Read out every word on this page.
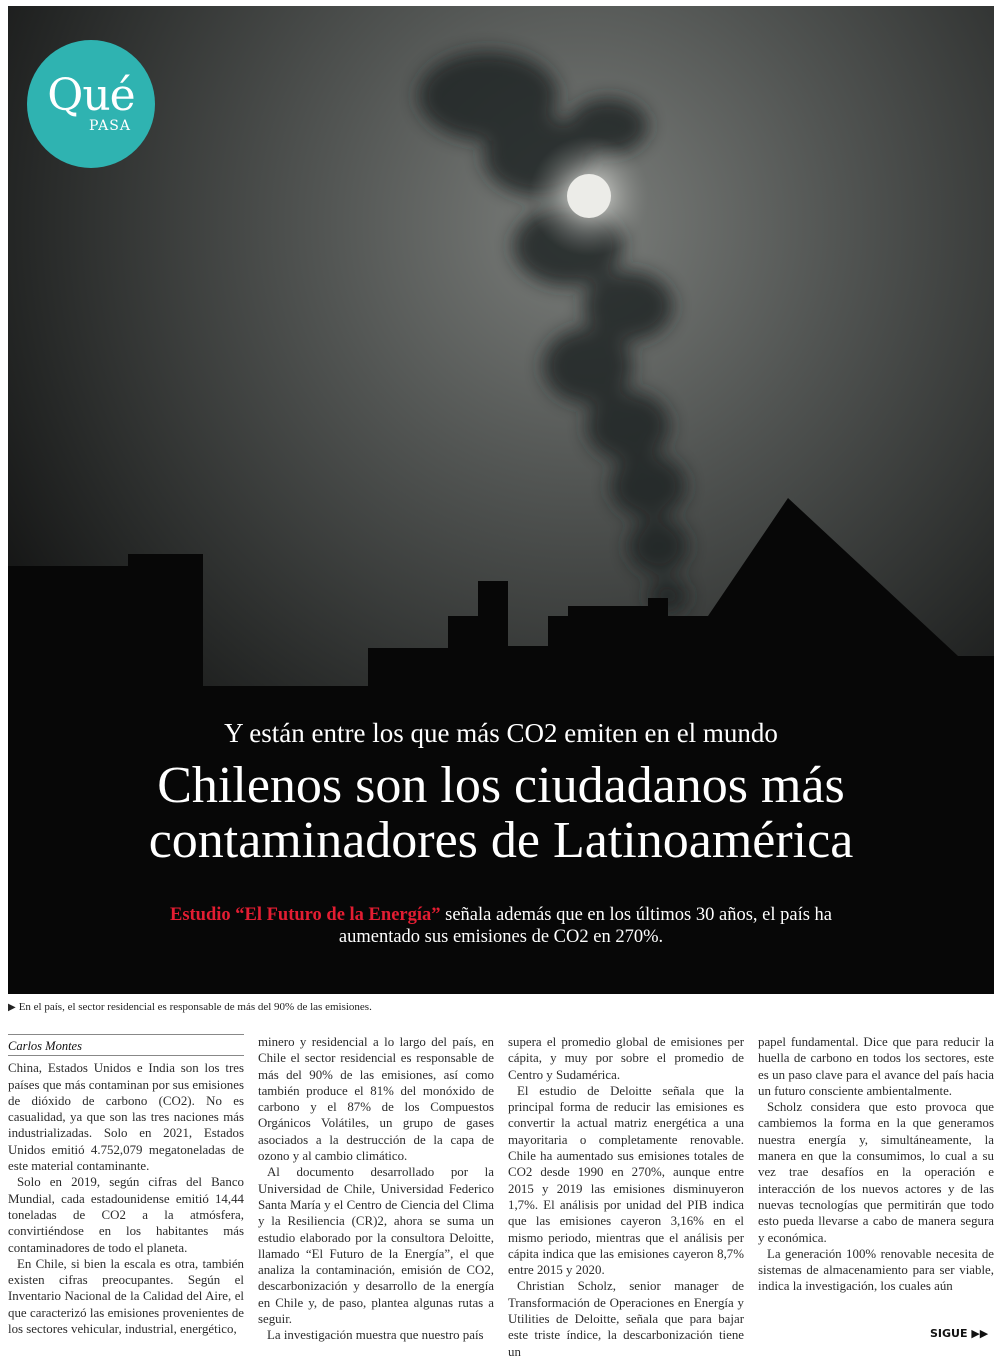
Qué
PASA
Y están entre los que más CO2 emiten en el mundo
Chilenos son los ciudadanos más
contaminadores de Latinoamérica
Estudio “El Futuro de la Energía” señala además que en los últimos 30 años, el país ha aumentado sus emisiones de CO2 en 270%.
▶ En el país, el sector residencial es responsable de más del 90% de las emisiones.
Carlos Montes

China, Estados Unidos e India son los tres países que más contaminan por sus emisiones de dióxido de carbono (CO2). No es casualidad, ya que son las tres naciones más industrializadas. Solo en 2021, Estados Unidos emitió 4.752,079 megatoneladas de este material contaminante.

Solo en 2019, según cifras del Banco Mundial, cada estadounidense emitió 14,44 toneladas de CO2 a la atmósfera, convirtiéndose en los habitantes más contaminadores de todo el planeta.

En Chile, si bien la escala es otra, también existen cifras preocupantes. Según el Inventario Nacional de la Calidad del Aire, el que caracterizó las emisiones provenientes de los sectores vehicular, industrial, energético,

minero y residencial a lo largo del país, en Chile el sector residencial es responsable de más del 90% de las emisiones, así como también produce el 81% del monóxido de carbono y el 87% de los Compuestos Orgánicos Volátiles, un grupo de gases asociados a la destrucción de la capa de ozono y al cambio climático.

Al documento desarrollado por la Universidad de Chile, Universidad Federico Santa María y el Centro de Ciencia del Clima y la Resiliencia (CR)2, ahora se suma un estudio elaborado por la consultora Deloitte, llamado “El Futuro de la Energía”, el que analiza la contaminación, emisión de CO2, descarbonización y desarrollo de la energía en Chile y, de paso, plantea algunas rutas a seguir.

La investigación muestra que nuestro país

supera el promedio global de emisiones per cápita, y muy por sobre el promedio de Centro y Sudamérica.

El estudio de Deloitte señala que la principal forma de reducir las emisiones es convertir la actual matriz energética a una mayoritaria o completamente renovable. Chile ha aumentado sus emisiones totales de CO2 desde 1990 en 270%, aunque entre 2015 y 2019 las emisiones disminuyeron 1,7%. El análisis por unidad del PIB indica que las emisiones cayeron 3,16% en el mismo periodo, mientras que el análisis per cápita indica que las emisiones cayeron 8,7% entre 2015 y 2020.

Christian Scholz, senior manager de Transformación de Operaciones en Energía y Utilities de Deloitte, señala que para bajar este triste índice, la descarbonización tiene un

papel fundamental. Dice que para reducir la huella de carbono en todos los sectores, este es un paso clave para el avance del país hacia un futuro consciente ambientalmente.

Scholz considera que esto provoca que cambiemos la forma en la que generamos nuestra energía y, simultáneamente, la manera en que la consumimos, lo cual a su vez trae desafíos en la operación e interacción de los nuevos actores y de las nuevas tecnologías que permitirán que todo esto pueda llevarse a cabo de manera segura y económica.

La generación 100% renovable necesita de sistemas de almacenamiento para ser viable, indica la investigación, los cuales aún

SIGUE ▶▶
